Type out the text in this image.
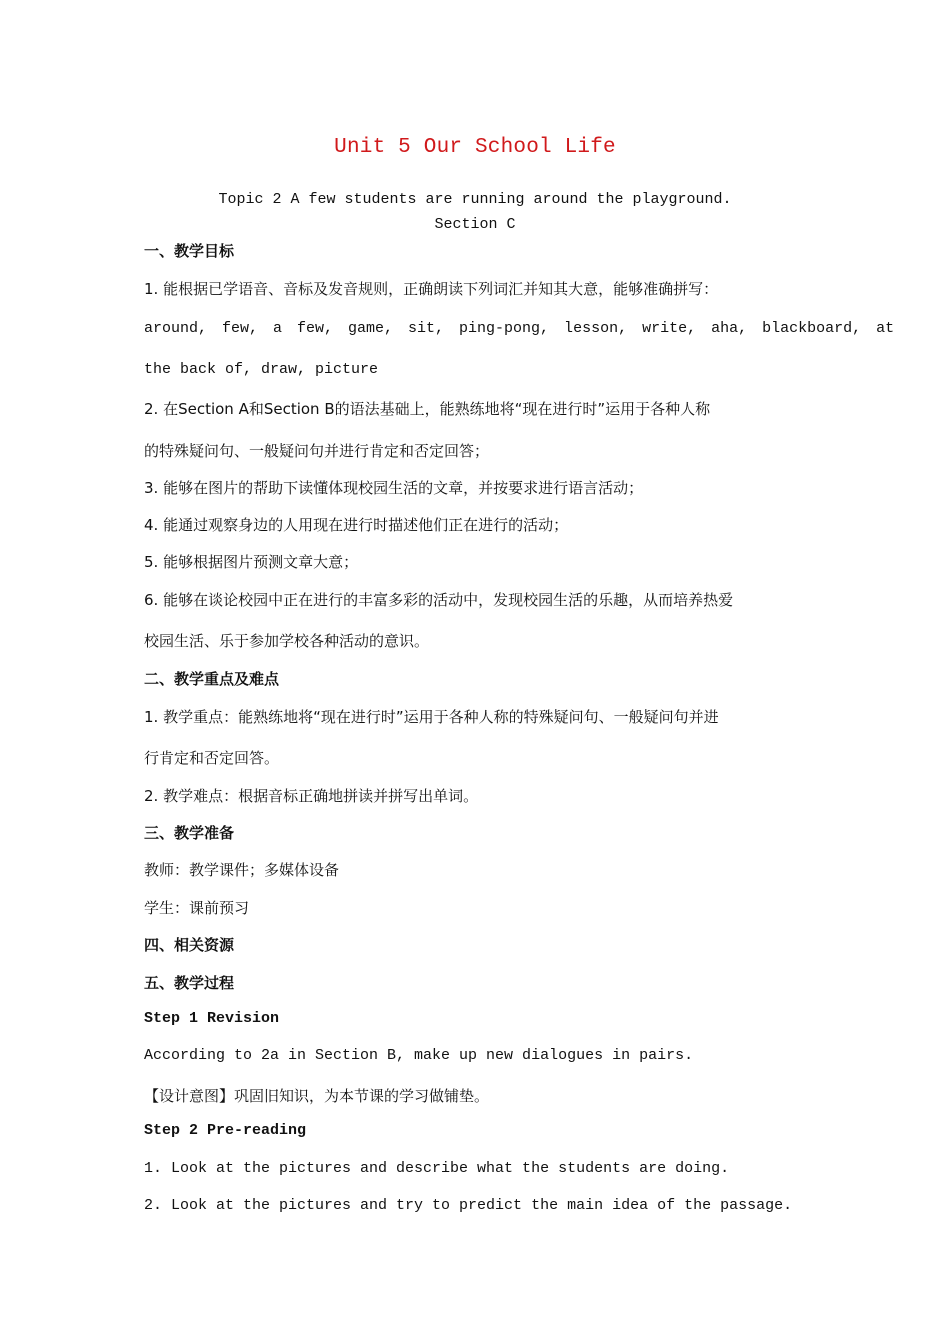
Unit 5 Our School Life
Topic 2 A few students are running around the playground.
Section C
一、教学目标
1. 能根据已学语音、音标及发音规则，正确朗读下列词汇并知其大意，能够准确拼写：
around, few, a few, game, sit, ping-pong, lesson, write, aha, blackboard, at
the back of, draw, picture
2. 在Section A和Section B的语法基础上，能熟练地将“现在进行时”运用于各种人称
的特殊疑问句、一般疑问句并进行肯定和否定回答；
3. 能够在图片的帮助下读懂体现校园生活的文章，并按要求进行语言活动；
4. 能通过观察身边的人用现在进行时描述他们正在进行的活动；
5. 能够根据图片预测文章大意；
6. 能够在谈论校园中正在进行的丰富多彩的活动中，发现校园生活的乐趣，从而培养热爱
校园生活、乐于参加学校各种活动的意识。
二、教学重点及难点
1. 教学重点：能熟练地将“现在进行时”运用于各种人称的特殊疑问句、一般疑问句并进
行肯定和否定回答。
2. 教学难点：根据音标正确地拼读并拼写出单词。
三、教学准备
教师：教学课件；多媒体设备
学生：课前预习
四、相关资源
五、教学过程
Step 1 Revision
According to 2a in Section B, make up new dialogues in pairs.
【设计意图】巩固旧知识，为本节课的学习做铺垫。
Step 2 Pre-reading
1. Look at the pictures and describe what the students are doing.
2. Look at the pictures and try to predict the main idea of the passage.
